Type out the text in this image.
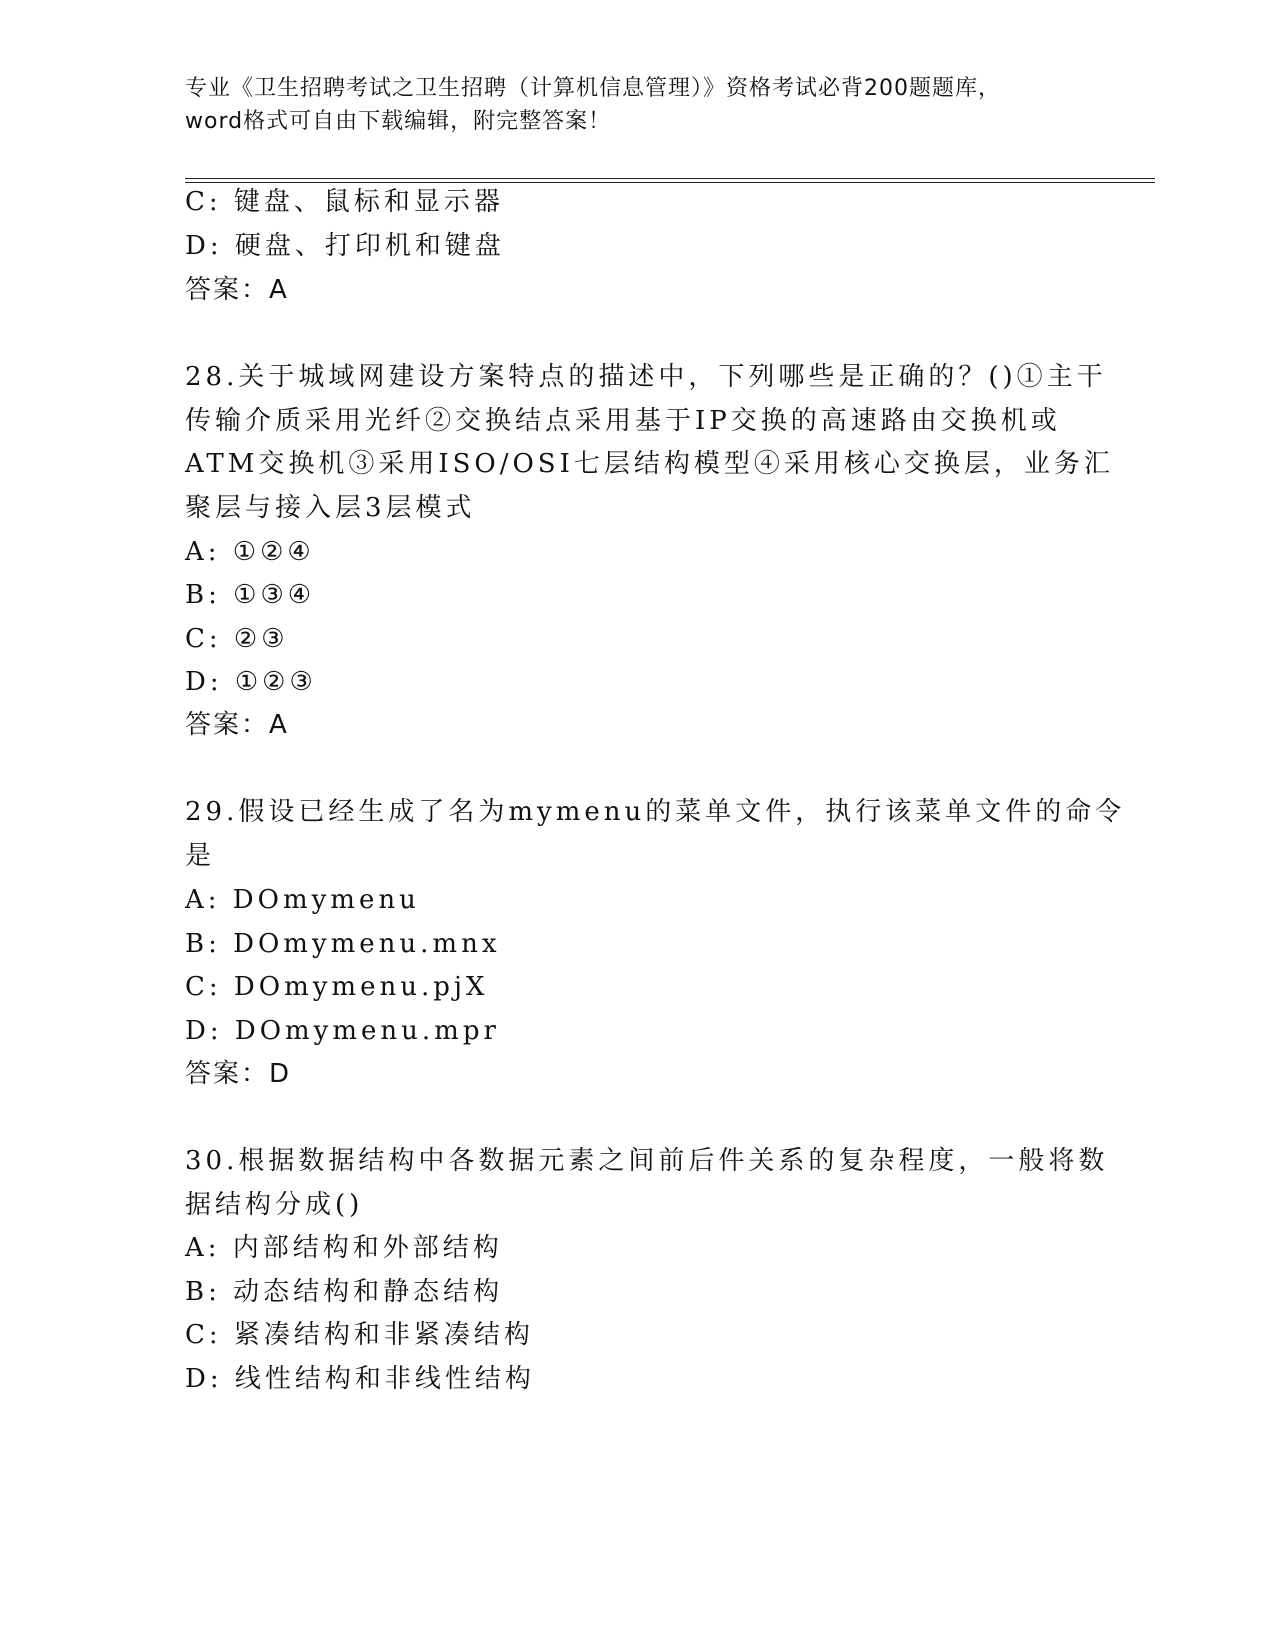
专业《卫生招聘考试之卫生招聘（计算机信息管理）》资格考试必背200题题库，
word格式可自由下载编辑，附完整答案！
C: 键盘、鼠标和显示器
D: 硬盘、打印机和键盘
答案：A
28.关于城域网建设方案特点的描述中，下列哪些是正确的？()①主干
传输介质采用光纤②交换结点采用基于IP交换的高速路由交换机或
ATM交换机③采用ISO/OSI七层结构模型④采用核心交换层，业务汇
聚层与接入层3层模式
A: ①②④
B: ①③④
C: ②③
D: ①②③
答案：A
29.假设已经生成了名为mymenu的菜单文件，执行该菜单文件的命令
是
A: DOmymenu
B: DOmymenu.mnx
C: DOmymenu.pjX
D: DOmymenu.mpr
答案：D
30.根据数据结构中各数据元素之间前后件关系的复杂程度，一般将数
据结构分成()
A: 内部结构和外部结构
B: 动态结构和静态结构
C: 紧凑结构和非紧凑结构
D: 线性结构和非线性结构
